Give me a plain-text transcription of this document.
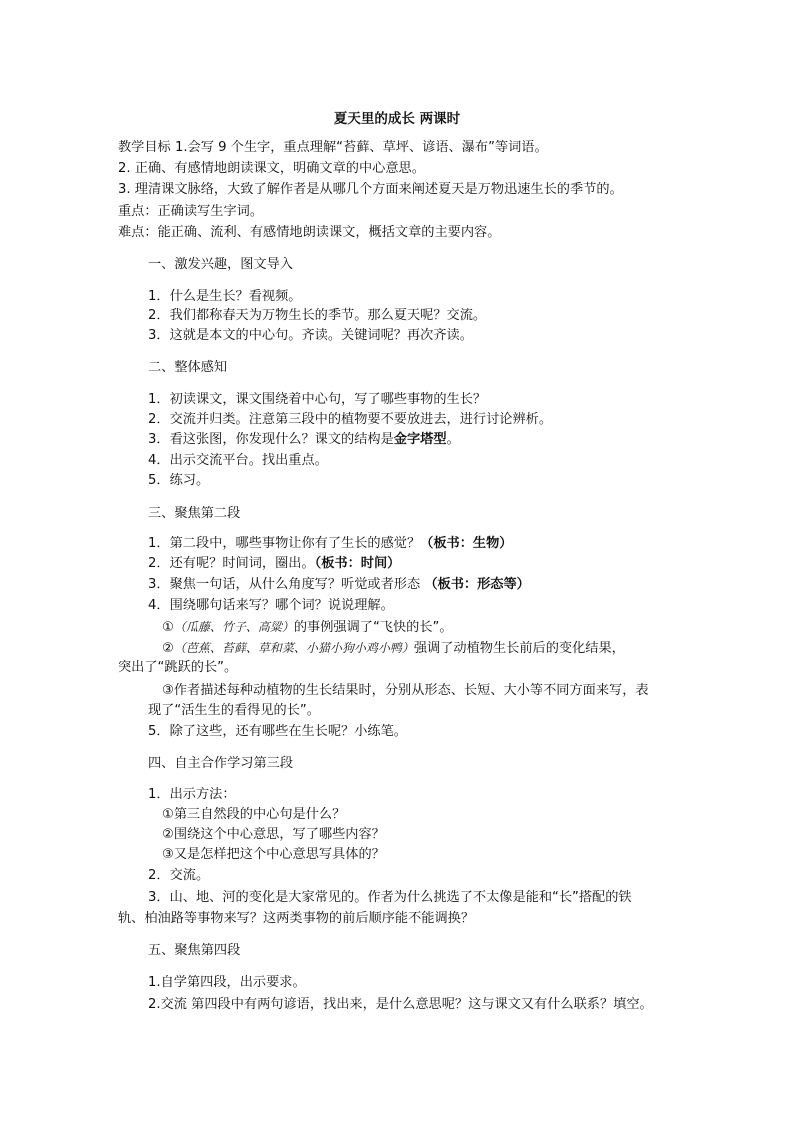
夏天里的成长 两课时
教学目标 1.会写 9 个生字，重点理解“苔藓、草坪、谚语、瀑布”等词语。
2. 正确、有感情地朗读课文，明确文章的中心意思。
3. 理清课文脉络，大致了解作者是从哪几个方面来阐述夏天是万物迅速生长的季节的。
重点：正确读写生字词。
难点：能正确、流利、有感情地朗读课文，概括文章的主要内容。
一、激发兴趣，图文导入
1．什么是生长？看视频。
2．我们都称春天为万物生长的季节。那么夏天呢？交流。
3．这就是本文的中心句。齐读。关键词呢？再次齐读。
二、整体感知
1．初读课文，课文围绕着中心句，写了哪些事物的生长？
2．交流并归类。注意第三段中的植物要不要放进去，进行讨论辨析。
3．看这张图，你发现什么？课文的结构是金字塔型。
4．出示交流平台。找出重点。
5．练习。
三、聚焦第二段
1．第二段中，哪些事物让你有了生长的感觉？（板书：生物）
2．还有呢？时间词，圈出。（板书：时间）
3．聚焦一句话，从什么角度写？听觉或者形态 （板书：形态等）
4．围绕哪句话来写？哪个词？说说理解。
①（瓜藤、竹子、高粱）的事例强调了“飞快的长”。
②（芭蕉、苔藓、草和菜、小猫小狗小鸡小鸭）强调了动植物生长前后的变化结果，
突出了“跳跃的长”。
③作者描述每种动植物的生长结果时，分别从形态、长短、大小等不同方面来写，表
现了“活生生的看得见的长”。
5．除了这些，还有哪些在生长呢？小练笔。
四、自主合作学习第三段
1．出示方法：
①第三自然段的中心句是什么？
②围绕这个中心意思，写了哪些内容？
③又是怎样把这个中心意思写具体的？
2．交流。
3．山、地、河的变化是大家常见的。作者为什么挑选了不太像是能和“长”搭配的铁
轨、柏油路等事物来写？这两类事物的前后顺序能不能调换？
五、聚焦第四段
1.自学第四段，出示要求。
2.交流 第四段中有两句谚语，找出来，是什么意思呢？这与课文又有什么联系？填空。
